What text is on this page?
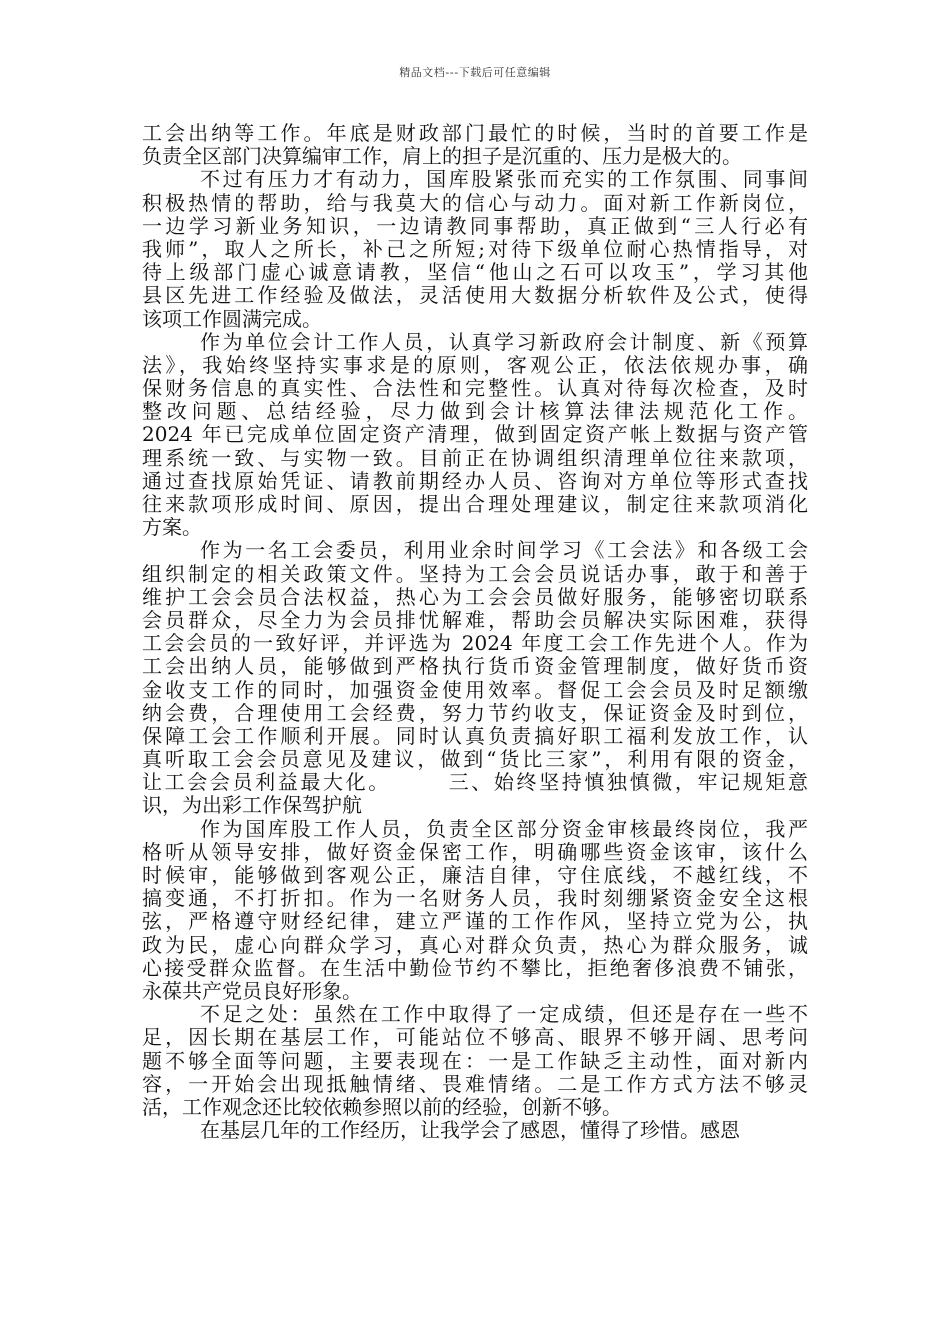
精品文档---下载后可任意编辑
工会出纳等工作。年底是财政部门最忙的时候，当时的首要工作是
负责全区部门决算编审工作，肩上的担子是沉重的、压力是极大的。
不过有压力才有动力，国库股紧张而充实的工作氛围、同事间
积极热情的帮助，给与我莫大的信心与动力。面对新工作新岗位，
一边学习新业务知识，一边请教同事帮助，真正做到“三人行必有
我师”，取人之所长，补己之所短;对待下级单位耐心热情指导，对
待上级部门虚心诚意请教，坚信“他山之石可以攻玉”，学习其他
县区先进工作经验及做法，灵活使用大数据分析软件及公式，使得
该项工作圆满完成。
作为单位会计工作人员，认真学习新政府会计制度、新《预算
法》，我始终坚持实事求是的原则，客观公正，依法依规办事，确
保财务信息的真实性、合法性和完整性。认真对待每次检查，及时
整改问题、总结经验，尽力做到会计核算法律法规范化工作。
2024 年已完成单位固定资产清理，做到固定资产帐上数据与资产管
理系统一致、与实物一致。目前正在协调组织清理单位往来款项，
通过查找原始凭证、请教前期经办人员、咨询对方单位等形式查找
往来款项形成时间、原因，提出合理处理建议，制定往来款项消化
方案。
作为一名工会委员，利用业余时间学习《工会法》和各级工会
组织制定的相关政策文件。坚持为工会会员说话办事，敢于和善于
维护工会会员合法权益，热心为工会会员做好服务，能够密切联系
会员群众，尽全力为会员排忧解难，帮助会员解决实际困难，获得
工会会员的一致好评，并评选为 2024 年度工会工作先进个人。作为
工会出纳人员，能够做到严格执行货币资金管理制度，做好货币资
金收支工作的同时，加强资金使用效率。督促工会会员及时足额缴
纳会费，合理使用工会经费，努力节约收支，保证资金及时到位，
保障工会工作顺利开展。同时认真负责搞好职工福利发放工作，认
真听取工会会员意见及建议，做到“货比三家”，利用有限的资金，
让工会会员利益最大化。　　　三、始终坚持慎独慎微，牢记规矩意
识，为出彩工作保驾护航
作为国库股工作人员，负责全区部分资金审核最终岗位，我严
格听从领导安排，做好资金保密工作，明确哪些资金该审，该什么
时候审，能够做到客观公正，廉洁自律，守住底线，不越红线，不
搞变通，不打折扣。作为一名财务人员，我时刻绷紧资金安全这根
弦，严格遵守财经纪律，建立严谨的工作作风，坚持立党为公，执
政为民，虚心向群众学习，真心对群众负责，热心为群众服务，诚
心接受群众监督。在生活中勤俭节约不攀比，拒绝奢侈浪费不铺张，
永葆共产党员良好形象。
不足之处：虽然在工作中取得了一定成绩，但还是存在一些不
足，因长期在基层工作，可能站位不够高、眼界不够开阔、思考问
题不够全面等问题，主要表现在：一是工作缺乏主动性，面对新内
容，一开始会出现抵触情绪、畏难情绪。二是工作方式方法不够灵
活，工作观念还比较依赖参照以前的经验，创新不够。
在基层几年的工作经历，让我学会了感恩，懂得了珍惜。感恩
